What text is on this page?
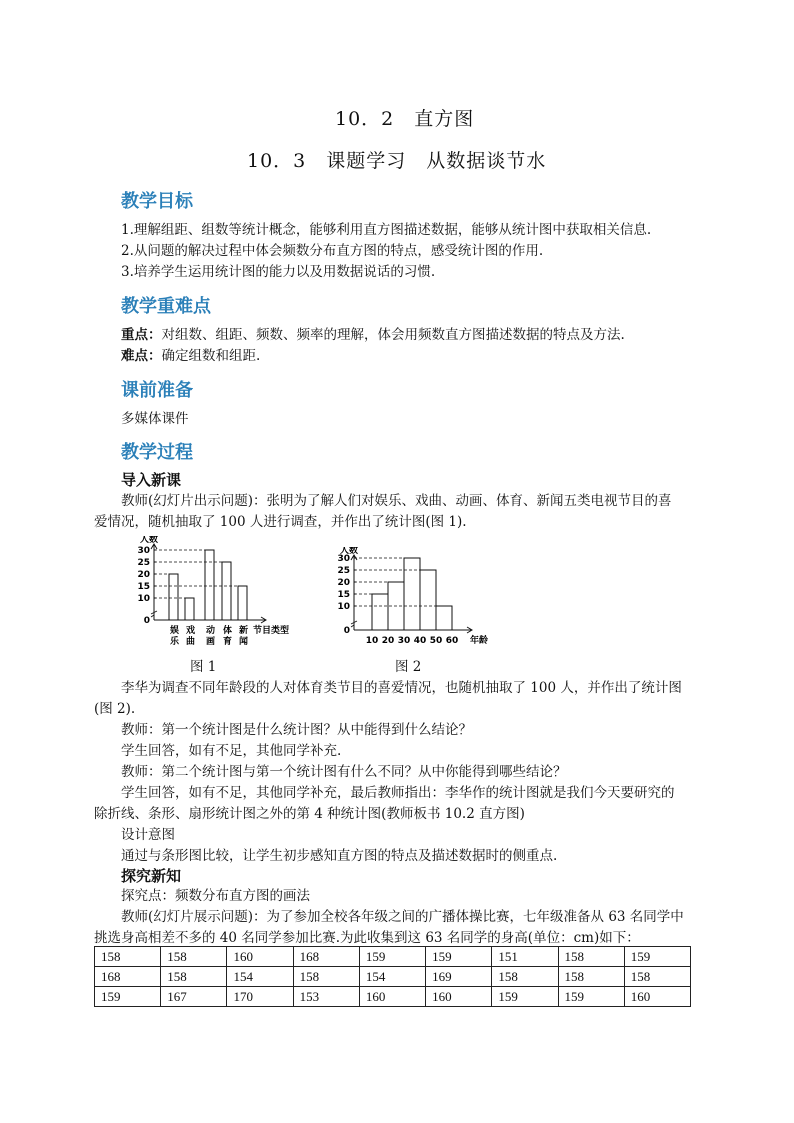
10．2　直方图
10．3　课题学习　从数据谈节水
教学目标
1.理解组距、组数等统计概念，能够利用直方图描述数据，能够从统计图中获取相关信息.
2.从问题的解决过程中体会频数分布直方图的特点，感受统计图的作用.
3.培养学生运用统计图的能力以及用数据说话的习惯.
教学重难点
重点：对组数、组距、频数、频率的理解，体会用频数直方图描述数据的特点及方法.
难点：确定组数和组距.
课前准备
多媒体课件
教学过程
导入新课
教师(幻灯片出示问题)：张明为了解人们对娱乐、戏曲、动画、体育、新闻五类电视节目的喜
爱情况，随机抽取了 100 人进行调查，并作出了统计图(图 1).
人数
0
10
15
20
25
30
娱
乐
戏
曲
动
画
体
育
新
闻
节目类型
图 1
人数
0
10
15
20
25
30
10 20 30 40 50 60 年龄
图 2
李华为调查不同年龄段的人对体育类节目的喜爱情况，也随机抽取了 100 人，并作出了统计图
(图 2).
教师：第一个统计图是什么统计图？从中能得到什么结论？
学生回答，如有不足，其他同学补充.
教师：第二个统计图与第一个统计图有什么不同？从中你能得到哪些结论？
学生回答，如有不足，其他同学补充，最后教师指出：李华作的统计图就是我们今天要研究的
除折线、条形、扇形统计图之外的第 4 种统计图(教师板书 10.2 直方图)
设计意图
通过与条形图比较，让学生初步感知直方图的特点及描述数据时的侧重点.
探究新知
探究点：频数分布直方图的画法
教师(幻灯片展示问题)：为了参加全校各年级之间的广播体操比赛，七年级准备从 63 名同学中
挑选身高相差不多的 40 名同学参加比赛.为此收集到这 63 名同学的身高(单位：cm)如下：
158	158	160	168	159	159	151	158	159
168	158	154	158	154	169	158	158	158
159	167	170	153	160	160	159	159	160
